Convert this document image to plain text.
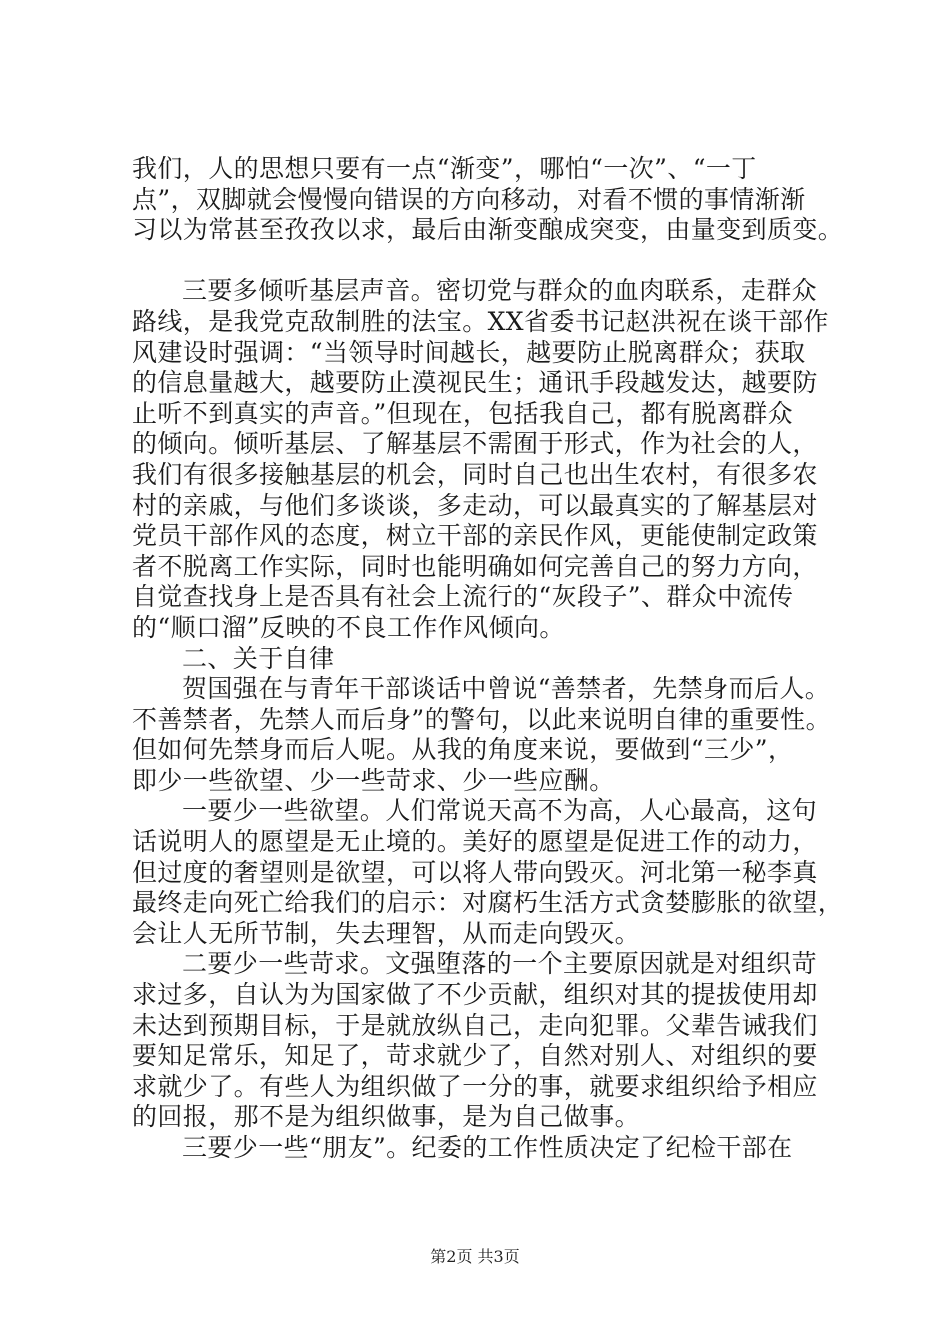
我们，人的思想只要有一点“渐变”，哪怕“一次”、“一丁
点”，双脚就会慢慢向错误的方向移动，对看不惯的事情渐渐
习以为常甚至孜孜以求，最后由渐变酿成突变，由量变到质变。
三要多倾听基层声音。密切党与群众的血肉联系，走群众
路线，是我党克敌制胜的法宝。XX省委书记赵洪祝在谈干部作
风建设时强调：“当领导时间越长，越要防止脱离群众；获取
的信息量越大，越要防止漠视民生；通讯手段越发达，越要防
止听不到真实的声音。”但现在，包括我自己，都有脱离群众
的倾向。倾听基层、了解基层不需囿于形式，作为社会的人，
我们有很多接触基层的机会，同时自己也出生农村，有很多农
村的亲戚，与他们多谈谈，多走动，可以最真实的了解基层对
党员干部作风的态度，树立干部的亲民作风，更能使制定政策
者不脱离工作实际，同时也能明确如何完善自己的努力方向，
自觉查找身上是否具有社会上流行的“灰段子”、群众中流传
的“顺口溜”反映的不良工作作风倾向。
二、关于自律
贺国强在与青年干部谈话中曾说“善禁者，先禁身而后人。
不善禁者，先禁人而后身”的警句，以此来说明自律的重要性。
但如何先禁身而后人呢。从我的角度来说，要做到“三少”，
即少一些欲望、少一些苛求、少一些应酬。
一要少一些欲望。人们常说天高不为高，人心最高，这句
话说明人的愿望是无止境的。美好的愿望是促进工作的动力，
但过度的奢望则是欲望，可以将人带向毁灭。河北第一秘李真
最终走向死亡给我们的启示：对腐朽生活方式贪婪膨胀的欲望，
会让人无所节制，失去理智，从而走向毁灭。
二要少一些苛求。文强堕落的一个主要原因就是对组织苛
求过多，自认为为国家做了不少贡献，组织对其的提拔使用却
未达到预期目标，于是就放纵自己，走向犯罪。父辈告诫我们
要知足常乐，知足了，苛求就少了，自然对别人、对组织的要
求就少了。有些人为组织做了一分的事，就要求组织给予相应
的回报，那不是为组织做事，是为自己做事。
三要少一些“朋友”。纪委的工作性质决定了纪检干部在
第2页 共3页
